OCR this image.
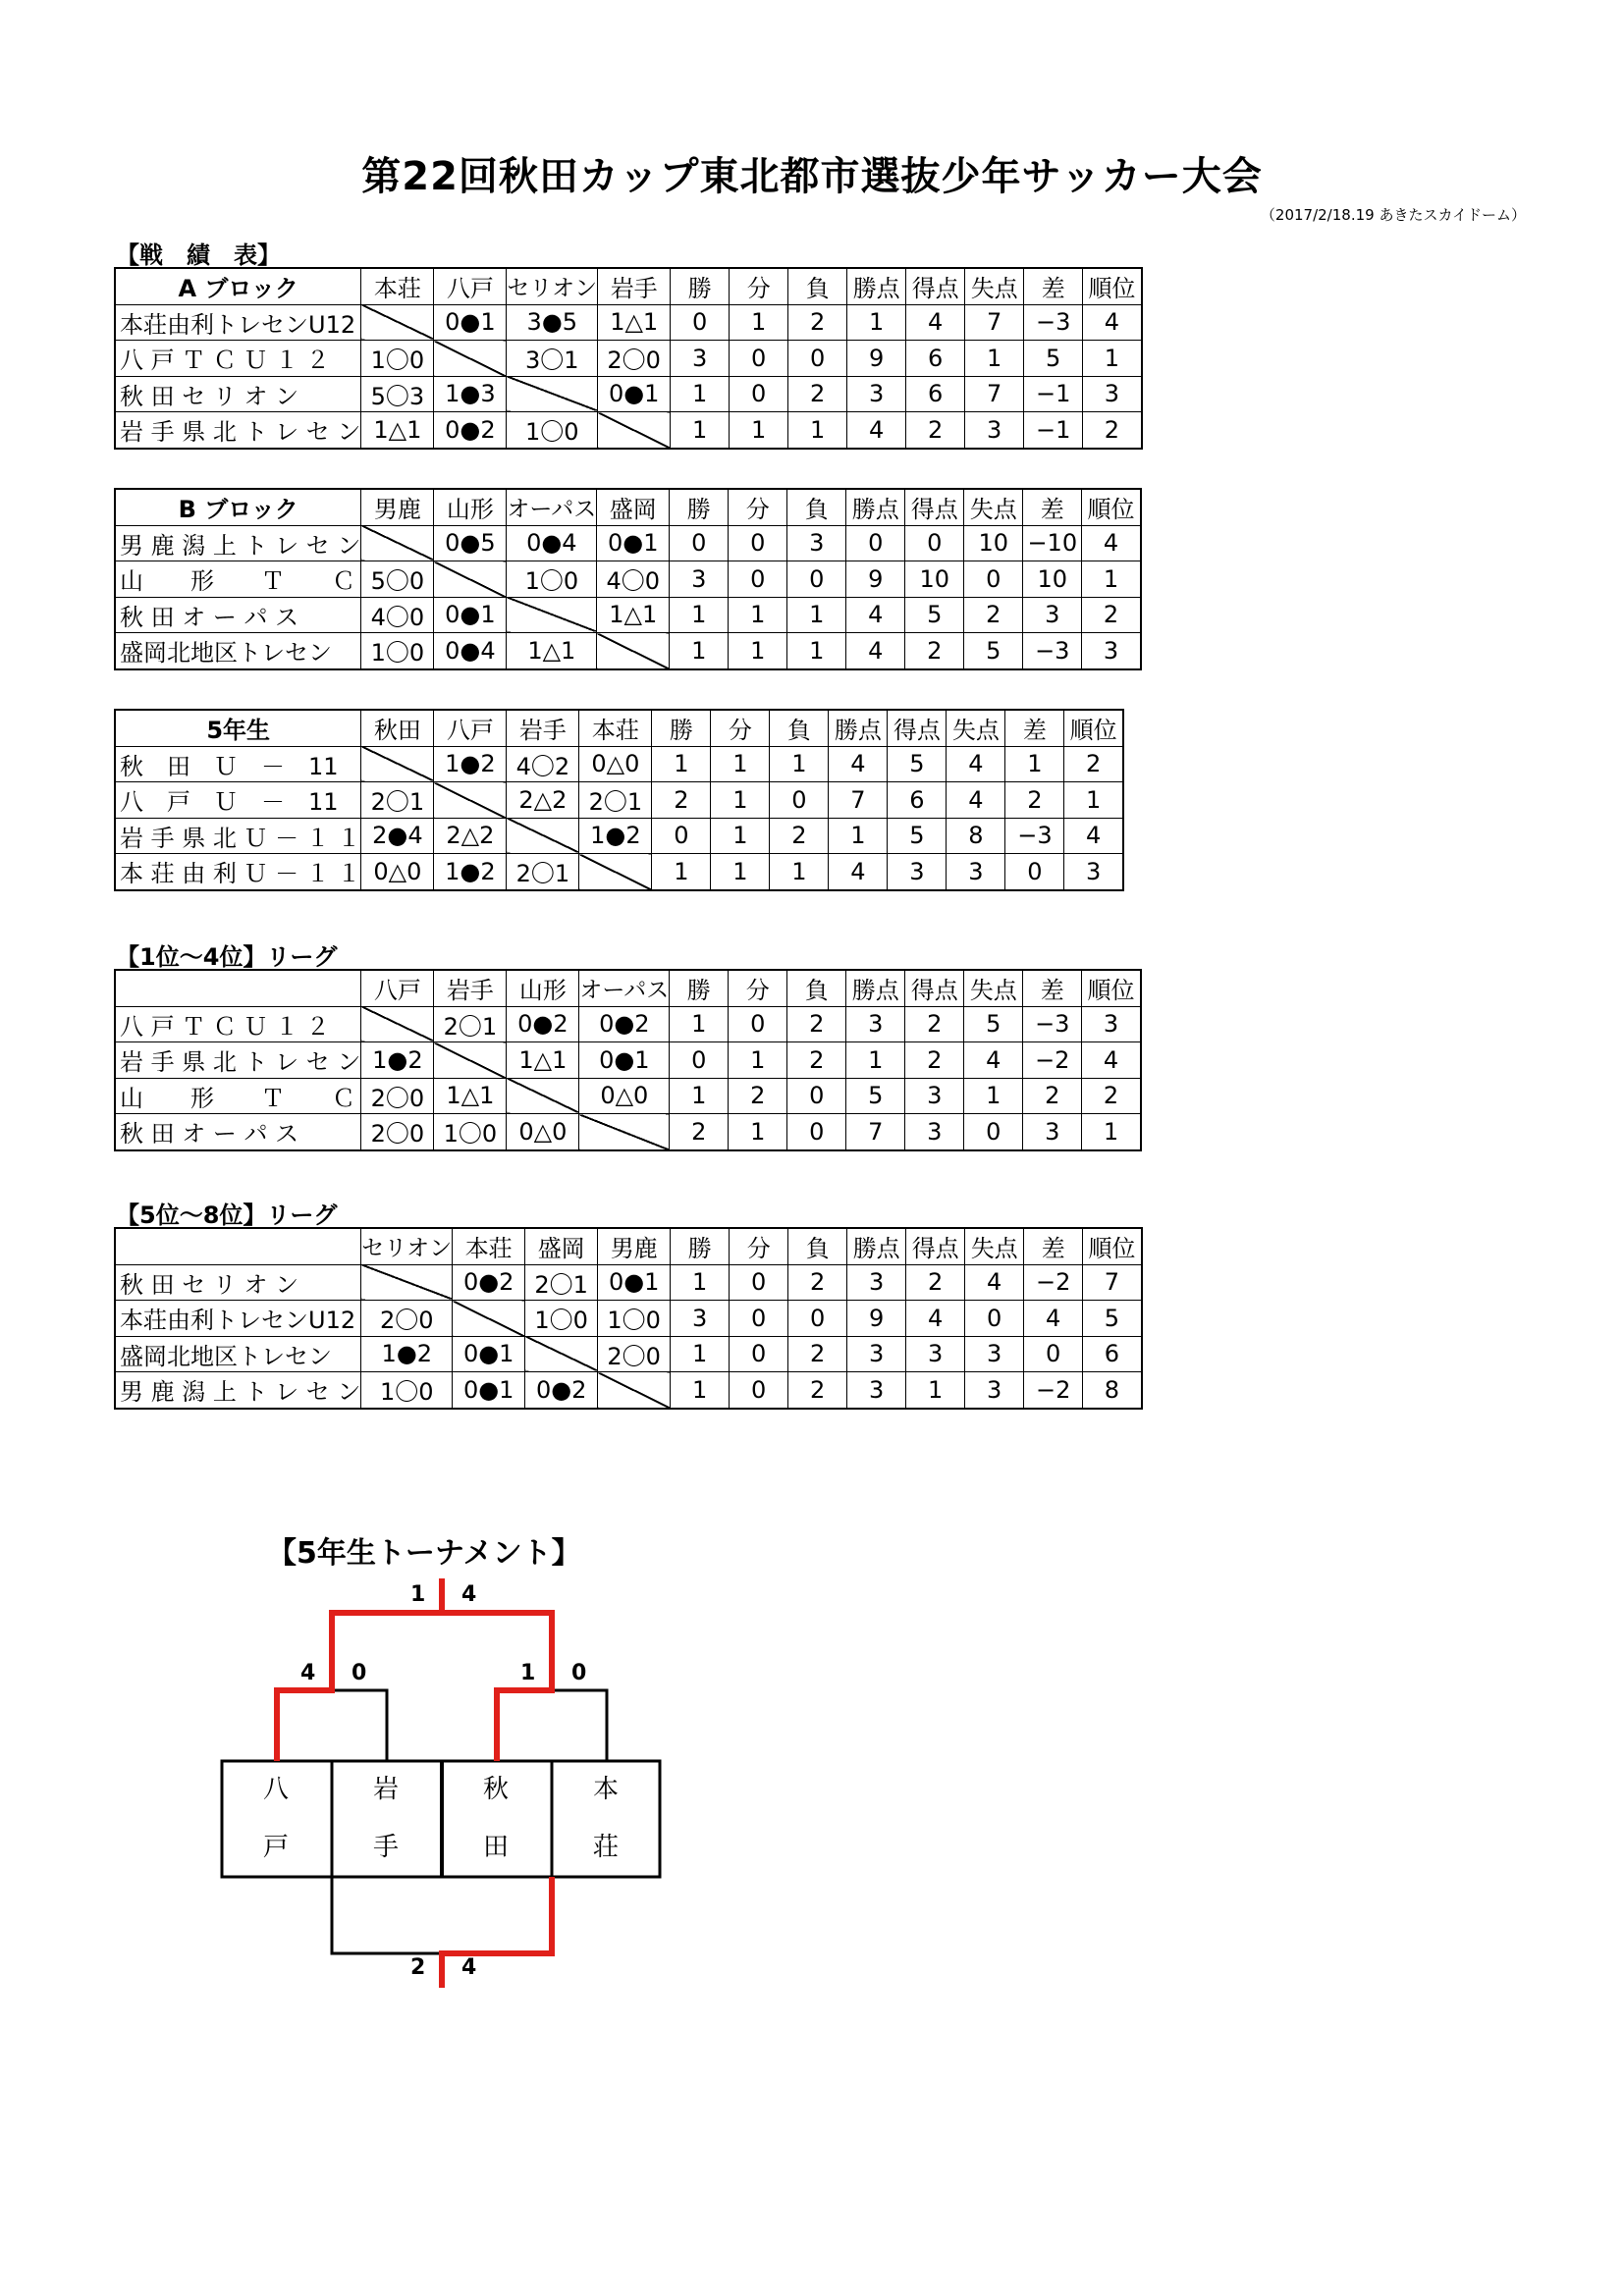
第22回秋田カップ東北都市選抜少年サッカー大会
（2017/2/18.19 あきたスカイドーム）
【戦　績　表】
A ブロック	本荘	八戸	セリオン	岩手	勝	分	負	勝点	得点	失点	差	順位
本荘由利トレセンU12		0●1	3●5	1△1	0	1	2	1	4	7	−3	4
八 戸 Ｔ Ｃ Ｕ １ ２	1〇0		3〇1	2〇0	3	0	0	9	6	1	5	1
秋 田 セ リ オ ン	5〇3	1●3		0●1	1	0	2	3	6	7	−1	3
岩 手 県 北 ト レ セ ン	1△1	0●2	1〇0		1	1	1	4	2	3	−1	2
B ブロック	男鹿	山形	オーパス	盛岡	勝	分	負	勝点	得点	失点	差	順位
男 鹿 潟 上 ト レ セ ン		0●5	0●4	0●1	0	0	3	0	0	10	−10	4
山　　形　　Ｔ　　Ｃ	5〇0		1〇0	4〇0	3	0	0	9	10	0	10	1
秋 田 オ ー パ ス	4〇0	0●1		1△1	1	1	1	4	5	2	3	2
盛岡北地区トレセン	1〇0	0●4	1△1		1	1	1	4	2	5	−3	3
5年生	秋田	八戸	岩手	本荘	勝	分	負	勝点	得点	失点	差	順位
秋　田　Ｕ　－　11		1●2	4〇2	0△0	1	1	1	4	5	4	1	2
八　戸　Ｕ　－　11	2〇1		2△2	2〇1	2	1	0	7	6	4	2	1
岩 手 県 北 Ｕ － １ １	2●4	2△2		1●2	0	1	2	1	5	8	−3	4
本 荘 由 利 Ｕ － １ １	0△0	1●2	2〇1		1	1	1	4	3	3	0	3
【1位～4位】リーグ
	八戸	岩手	山形	オーパス	勝	分	負	勝点	得点	失点	差	順位
八 戸 Ｔ Ｃ Ｕ １ ２		2〇1	0●2	0●2	1	0	2	3	2	5	−3	3
岩 手 県 北 ト レ セ ン	1●2		1△1	0●1	0	1	2	1	2	4	−2	4
山　　形　　Ｔ　　Ｃ	2〇0	1△1		0△0	1	2	0	5	3	1	2	2
秋 田 オ ー パ ス	2〇0	1〇0	0△0		2	1	0	7	3	0	3	1
【5位～8位】リーグ
	セリオン	本荘	盛岡	男鹿	勝	分	負	勝点	得点	失点	差	順位
秋 田 セ リ オ ン		0●2	2〇1	0●1	1	0	2	3	2	4	−2	7
本荘由利トレセンU12	2〇0		1〇0	1〇0	3	0	0	9	4	0	4	5
盛岡北地区トレセン	1●2	0●1		2〇0	1	0	2	3	3	3	0	6
男 鹿 潟 上 ト レ セ ン	1〇0	0●1	0●2		1	0	2	3	1	3	−2	8
【5年生トーナメント】
1 4
4 0	1 0
2 4
八
戸
岩
手
秋
田
本
荘
